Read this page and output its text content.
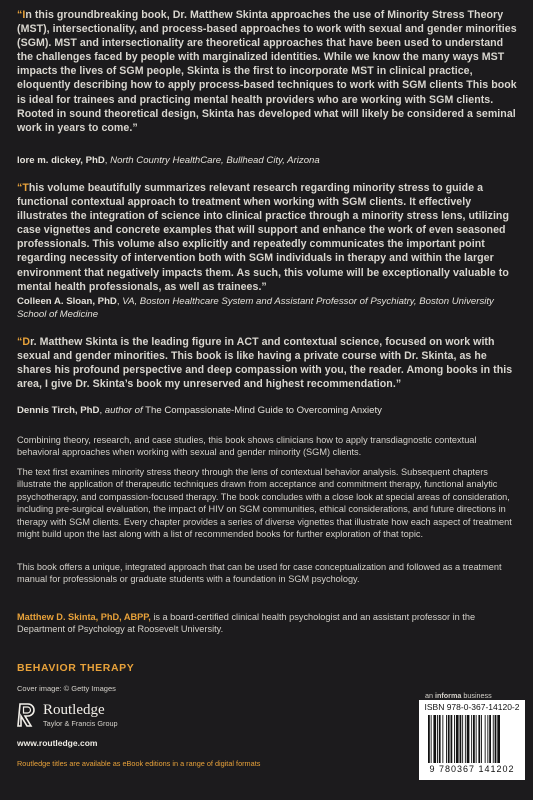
“In this groundbreaking book, Dr. Matthew Skinta approaches the use of Minority Stress Theory (MST), intersectionality, and process-based approaches to work with sexual and gender minorities (SGM). MST and intersectionality are theoretical approaches that have been used to understand the challenges faced by people with marginalized identities. While we know the many ways MST impacts the lives of SGM people, Skinta is the first to incorporate MST in clinical practice, eloquently describing how to apply process-based techniques to work with SGM clients This book is ideal for trainees and practicing mental health providers who are working with SGM clients. Rooted in sound theoretical design, Skinta has developed what will likely be considered a seminal work in years to come.”
lore m. dickey, PhD, North Country HealthCare, Bullhead City, Arizona
“This volume beautifully summarizes relevant research regarding minority stress to guide a functional contextual approach to treatment when working with SGM clients. It effectively illustrates the integration of science into clinical practice through a minority stress lens, utilizing case vignettes and concrete examples that will support and enhance the work of even seasoned professionals. This volume also explicitly and repeatedly communicates the important point regarding necessity of intervention both with SGM individuals in therapy and within the larger environment that negatively impacts them. As such, this volume will be exceptionally valuable to mental health professionals, as well as trainees.”
Colleen A. Sloan, PhD, VA, Boston Healthcare System and Assistant Professor of Psychiatry, Boston University School of Medicine
“Dr. Matthew Skinta is the leading figure in ACT and contextual science, focused on work with sexual and gender minorities. This book is like having a private course with Dr. Skinta, as he shares his profound perspective and deep compassion with you, the reader. Among books in this area, I give Dr. Skinta’s book my unreserved and highest recommendation.”
Dennis Tirch, PhD, author of The Compassionate-Mind Guide to Overcoming Anxiety
Combining theory, research, and case studies, this book shows clinicians how to apply transdiagnostic contextual behavioral approaches when working with sexual and gender minority (SGM) clients.
The text first examines minority stress theory through the lens of contextual behavior analysis. Subsequent chapters illustrate the application of therapeutic techniques drawn from acceptance and commitment therapy, functional analytic psychotherapy, and compassion-focused therapy. The book concludes with a close look at special areas of consideration, including pre-surgical evaluation, the impact of HIV on SGM communities, ethical considerations, and future directions in therapy with SGM clients. Every chapter provides a series of diverse vignettes that illustrate how each aspect of treatment might build upon the last along with a list of recommended books for further exploration of that topic.
This book offers a unique, integrated approach that can be used for case conceptualization and followed as a treatment manual for professionals or graduate students with a foundation in SGM psychology.
Matthew D. Skinta, PhD, ABPP, is a board-certified clinical health psychologist and an assistant professor in the Department of Psychology at Roosevelt University.
BEHAVIOR THERAPY
Cover image: © Getty Images
Routledge
Taylor & Francis Group
www.routledge.com
Routledge titles are available as eBook editions in a range of digital formats
an informa business
ISBN 978-0-367-14120-2
9 780367 141202
